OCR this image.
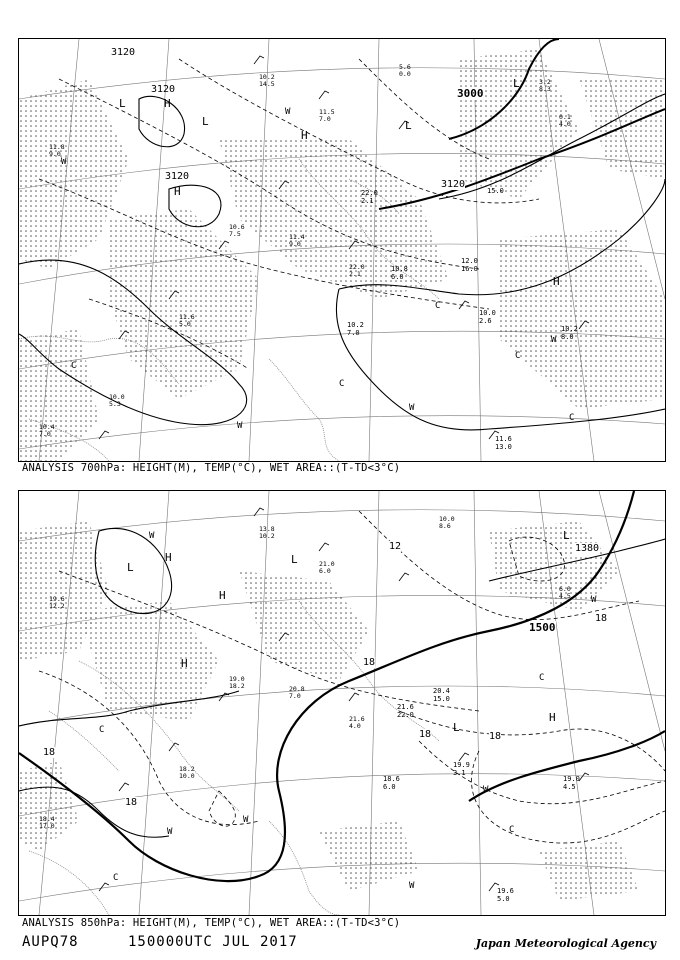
10.2
14.5
11.5
7.0
22.0
2.1
11.6
5.0
10.6
7.5	11.4
9.0
11.8
9.0
10.0
5.3
10.4
7.0
5.6
0.0
3.2
8.3
0.1
4.0
3120
3120	3000
3120
3120
H
H
H
H
L
L	L
L
C
C
C
C
C
W
W
W
W
W
11.6
13.0
10.0
2.6
10.2
8.0
10.2
7.0
12.0
16.0
22.0
2.1
15.0
10.8
6.0
ANALYSIS 700hPa: HEIGHT(M), TEMP(°C), WET AREA::(T-TD<3°C)
13.8
10.2
21.0
6.0
21.6
4.0
18.2
10.0
19.0
18.2	20.8
7.0
19.6
12.2
18.4
17.0
10.0
8.6
6.0
4.5
1500
1380
H
H
H
H
L
L
L
L
C
C
C
C
W
W
W
W
W
W
18
18
18
18	18
18
12
19.6
5.0
19.0
4.5
19.9
3.1
18.6
6.0
20.4
15.0
21.6
22.0
ANALYSIS 850hPa: HEIGHT(M), TEMP(°C), WET AREA::(T-TD<3°C)
AUPQ78	150000UTC JUL 2017	Japan Meteorological Agency
